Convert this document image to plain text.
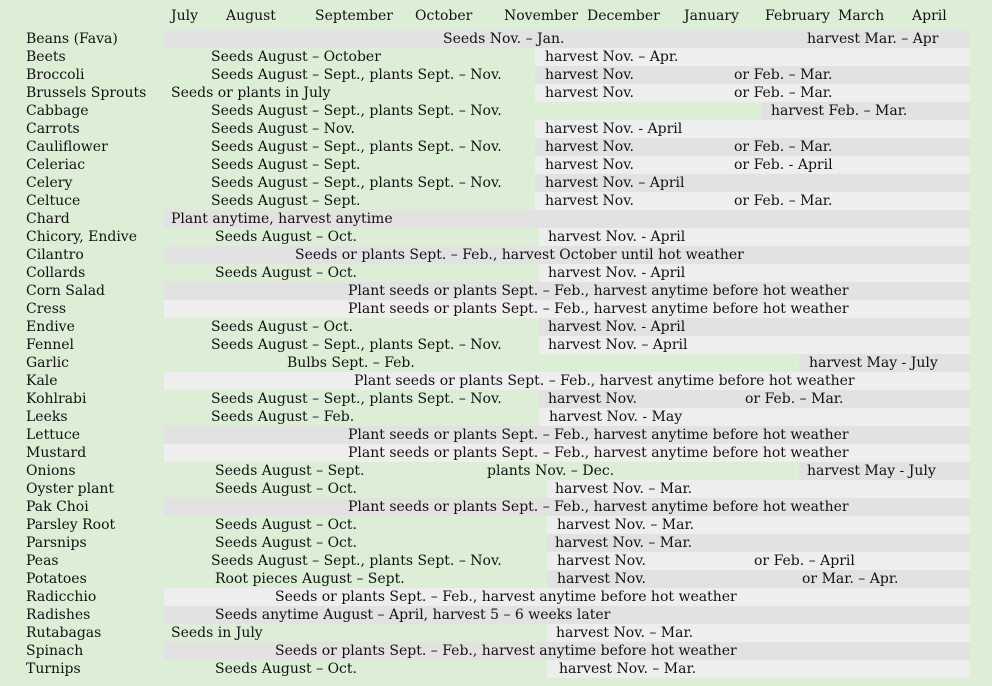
July August	September October November December January February March April
Beans (Fava)	Seeds Nov. – Jan.	harvest Mar. – Apr
Beets	Seeds August – October	harvest Nov. – Apr.
Broccoli	Seeds August – Sept., plants Sept. – Nov.	harvest Nov.	or Feb. – Mar.
Brussels Sprouts Seeds or plants in July	harvest Nov.	or Feb. – Mar.
Cabbage	Seeds August – Sept., plants Sept. – Nov.	harvest Feb. – Mar.
Carrots	Seeds August – Nov.	harvest Nov. - April
Cauliflower	Seeds August – Sept., plants Sept. – Nov.	harvest Nov.	or Feb. – Mar.
Celeriac	Seeds August – Sept.	harvest Nov.	or Feb. - April
Celery	Seeds August – Sept., plants Sept. – Nov.	harvest Nov. – April
Celtuce	Seeds August – Sept.	harvest Nov.	or Feb. – Mar.
Chard	Plant anytime, harvest anytime
Chicory, Endive	Seeds August – Oct.	harvest Nov. - April
Cilantro	Seeds or plants Sept. – Feb., harvest October until hot weather
Collards	Seeds August – Oct.	harvest Nov. - April
Corn Salad	Plant seeds or plants Sept. – Feb., harvest anytime before hot weather
Cress	Plant seeds or plants Sept. – Feb., harvest anytime before hot weather
Endive	Seeds August – Oct.	harvest Nov. - April
Fennel	Seeds August – Sept., plants Sept. – Nov.	harvest Nov. – April
Garlic	Bulbs Sept. – Feb.	harvest May - July
Kale	Plant seeds or plants Sept. – Feb., harvest anytime before hot weather
Kohlrabi	Seeds August – Sept., plants Sept. – Nov.	harvest Nov.	or Feb. – Mar.
Leeks	Seeds August – Feb.	harvest Nov. - May
Lettuce	Plant seeds or plants Sept. – Feb., harvest anytime before hot weather
Mustard	Plant seeds or plants Sept. – Feb., harvest anytime before hot weather
Onions	Seeds August – Sept.	plants Nov. – Dec.	harvest May - July
Oyster plant	Seeds August – Oct.	harvest Nov. – Mar.
Pak Choi	Plant seeds or plants Sept. – Feb., harvest anytime before hot weather
Parsley Root	Seeds August – Oct.	harvest Nov. – Mar.
Parsnips	Seeds August – Oct.	harvest Nov. – Mar.
Peas	Seeds August – Sept., plants Sept. – Nov.	harvest Nov.	or Feb. – April
Potatoes	Root pieces August – Sept.	harvest Nov.	or Mar. – Apr.
Radicchio	Seeds or plants Sept. – Feb., harvest anytime before hot weather
Radishes	Seeds anytime August – April, harvest 5 – 6 weeks later
Rutabagas	Seeds in July	harvest Nov. – Mar.
Spinach	Seeds or plants Sept. – Feb., harvest anytime before hot weather
Turnips	Seeds August – Oct.	harvest Nov. – Mar.
